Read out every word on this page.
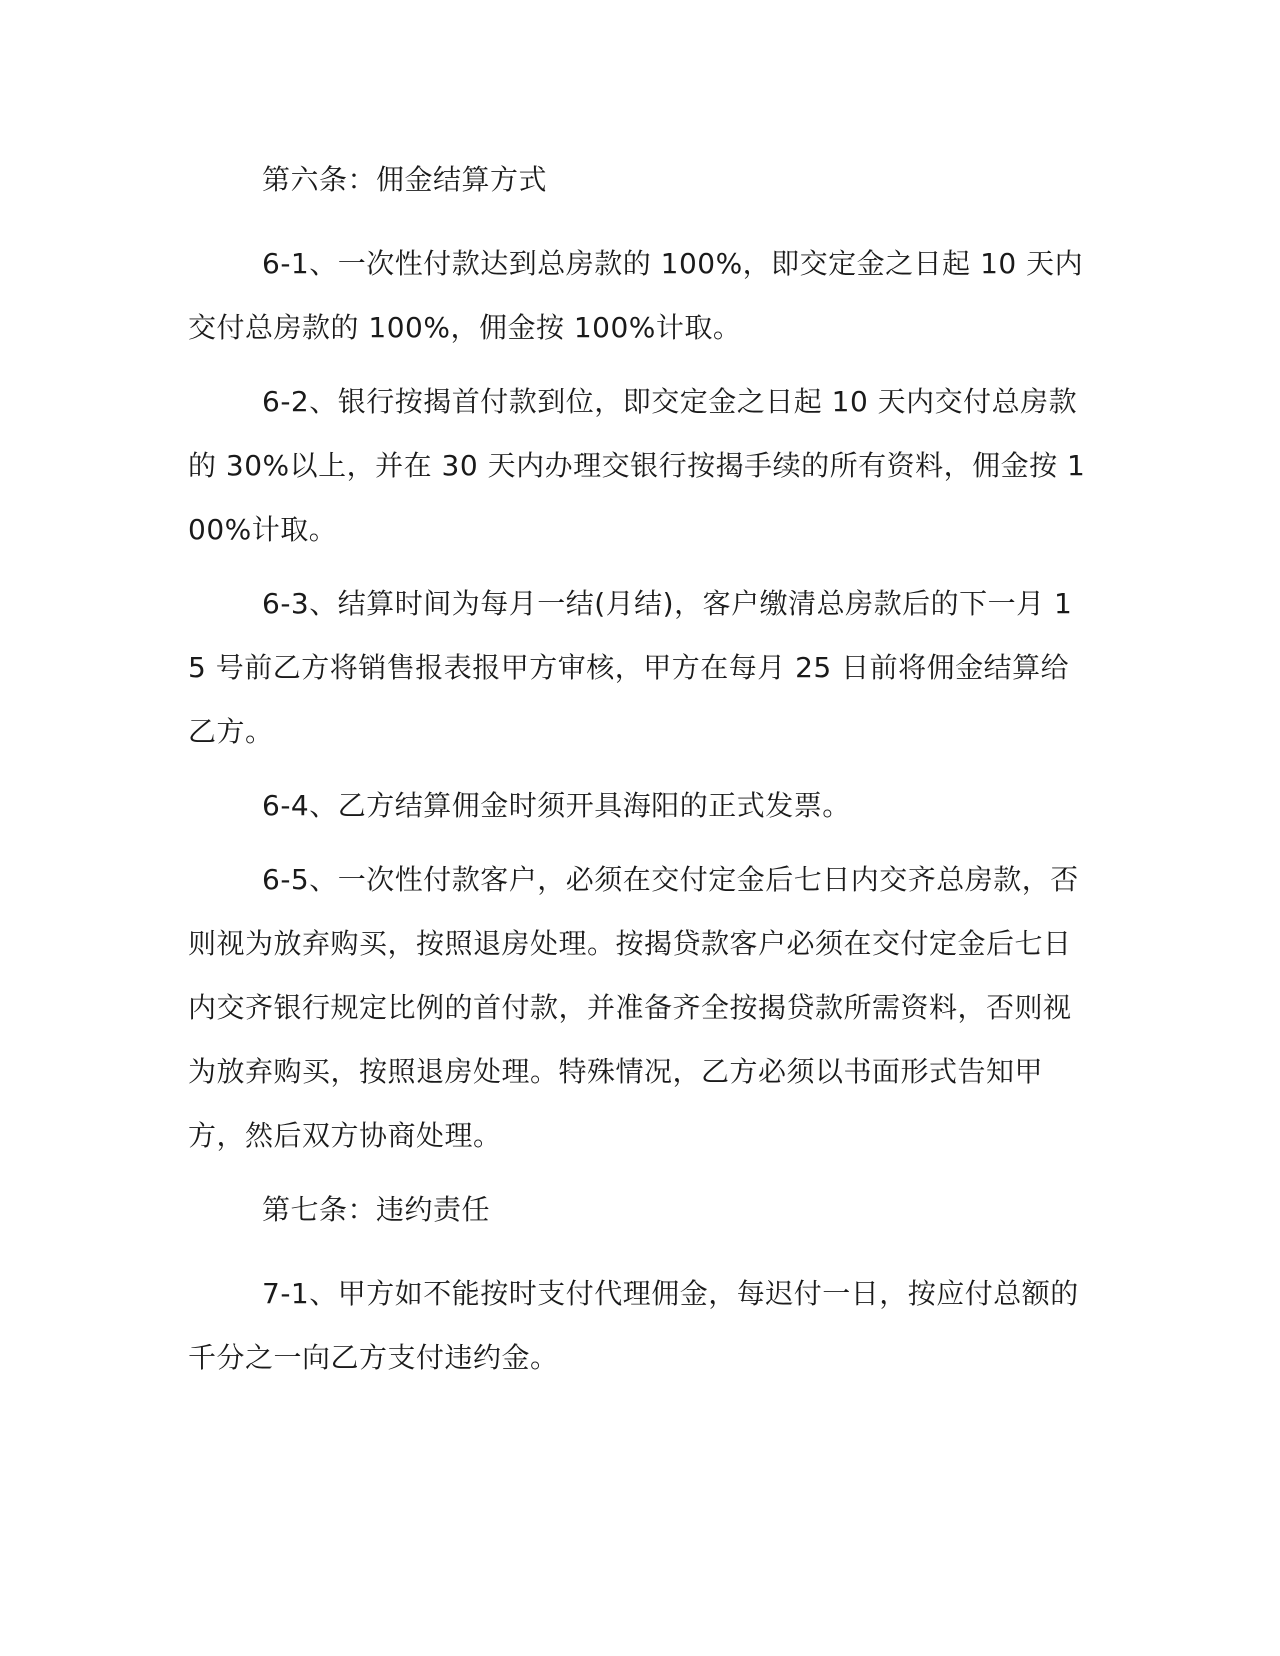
第六条：佣金结算方式

6-1、一次性付款达到总房款的 100%，即交定金之日起 10 天内交付总房款的 100%，佣金按 100%计取。

6-2、银行按揭首付款到位，即交定金之日起 10 天内交付总房款的 30%以上，并在 30 天内办理交银行按揭手续的所有资料，佣金按 100%计取。

6-3、结算时间为每月一结(月结)，客户缴清总房款后的下一月 15 号前乙方将销售报表报甲方审核，甲方在每月 25 日前将佣金结算给乙方。

6-4、乙方结算佣金时须开具海阳的正式发票。

6-5、一次性付款客户，必须在交付定金后七日内交齐总房款，否则视为放弃购买，按照退房处理。按揭贷款客户必须在交付定金后七日内交齐银行规定比例的首付款，并准备齐全按揭贷款所需资料，否则视为放弃购买，按照退房处理。特殊情况，乙方必须以书面形式告知甲方，然后双方协商处理。

第七条：违约责任

7-1、甲方如不能按时支付代理佣金，每迟付一日，按应付总额的千分之一向乙方支付违约金。
